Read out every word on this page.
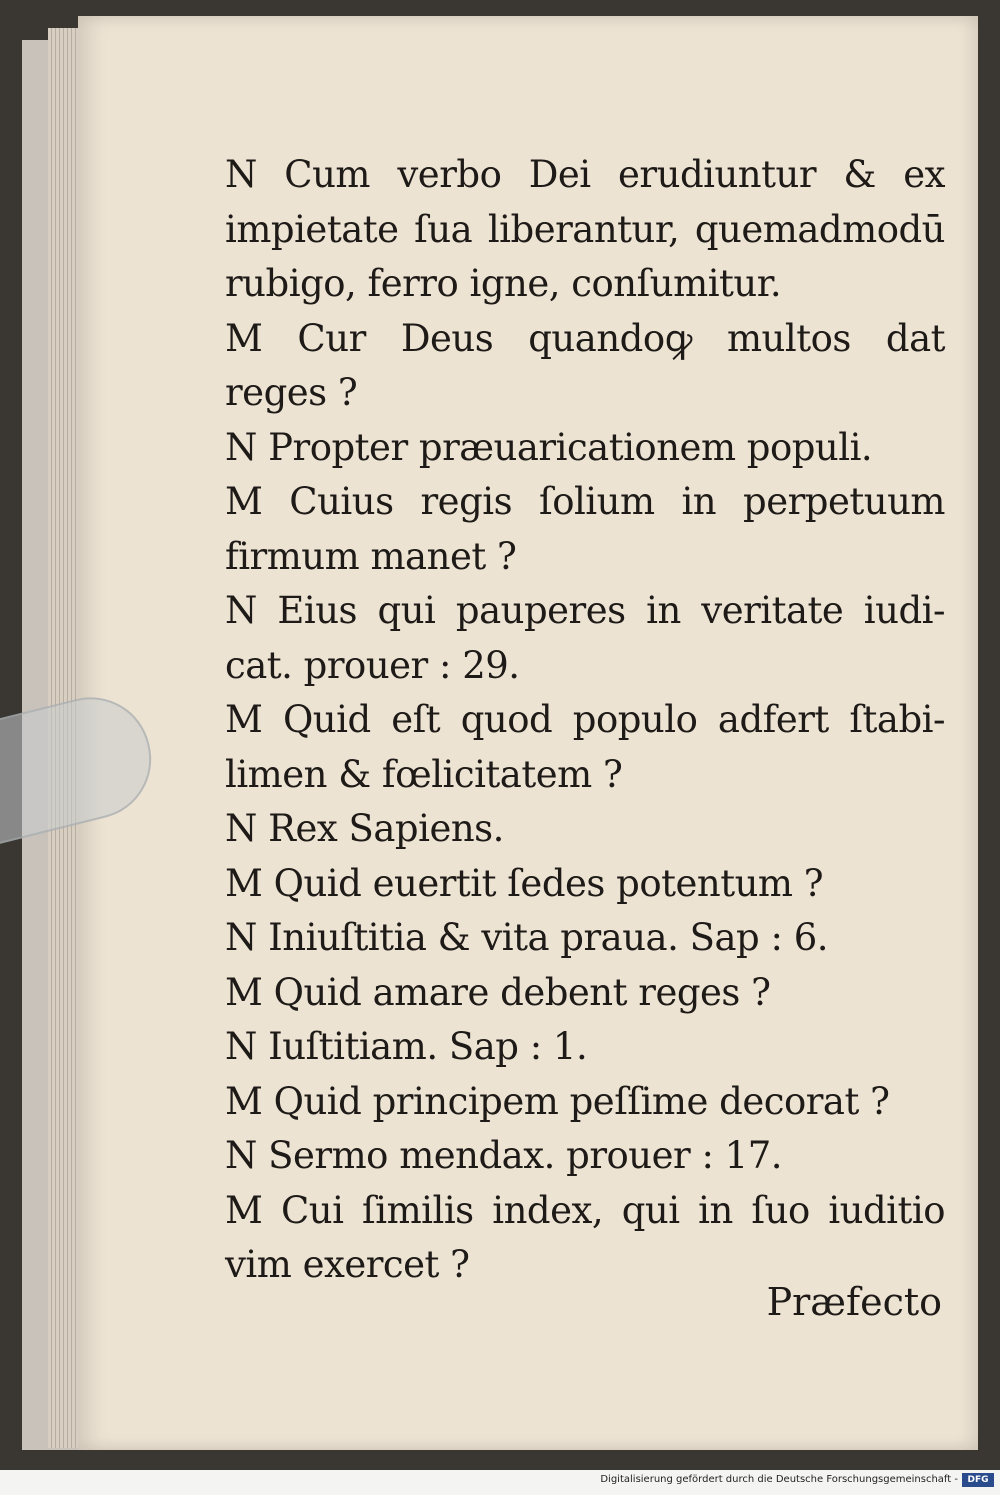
N Cum verbo Dei erudiuntur & ex
impietate ſua liberantur, quemadmodū
rubigo, ferro igne, conſumitur.
M Cur Deus quandoꝙ multos dat
reges ?
N Propter præuaricationem populi.
M Cuius regis ſolium in perpetuum
firmum manet ?
N Eius qui pauperes in veritate iudi-
cat. prouer : 29.
M Quid eſt quod populo adfert ſtabi-
limen & fœlicitatem ?
N Rex Sapiens.
M Quid euertit ſedes potentum ?
N Iniuſtitia & vita praua. Sap : 6.
M Quid amare debent reges ?
N Iuſtitiam. Sap : 1.
M Quid principem peſſime decorat ?
N Sermo mendax. prouer : 17.
M Cui ſimilis index, qui in ſuo iuditio
vim exercet ?
Præfecto
Digitalisierung gefördert durch die Deutsche Forschungsgemeinschaft -	DFG
